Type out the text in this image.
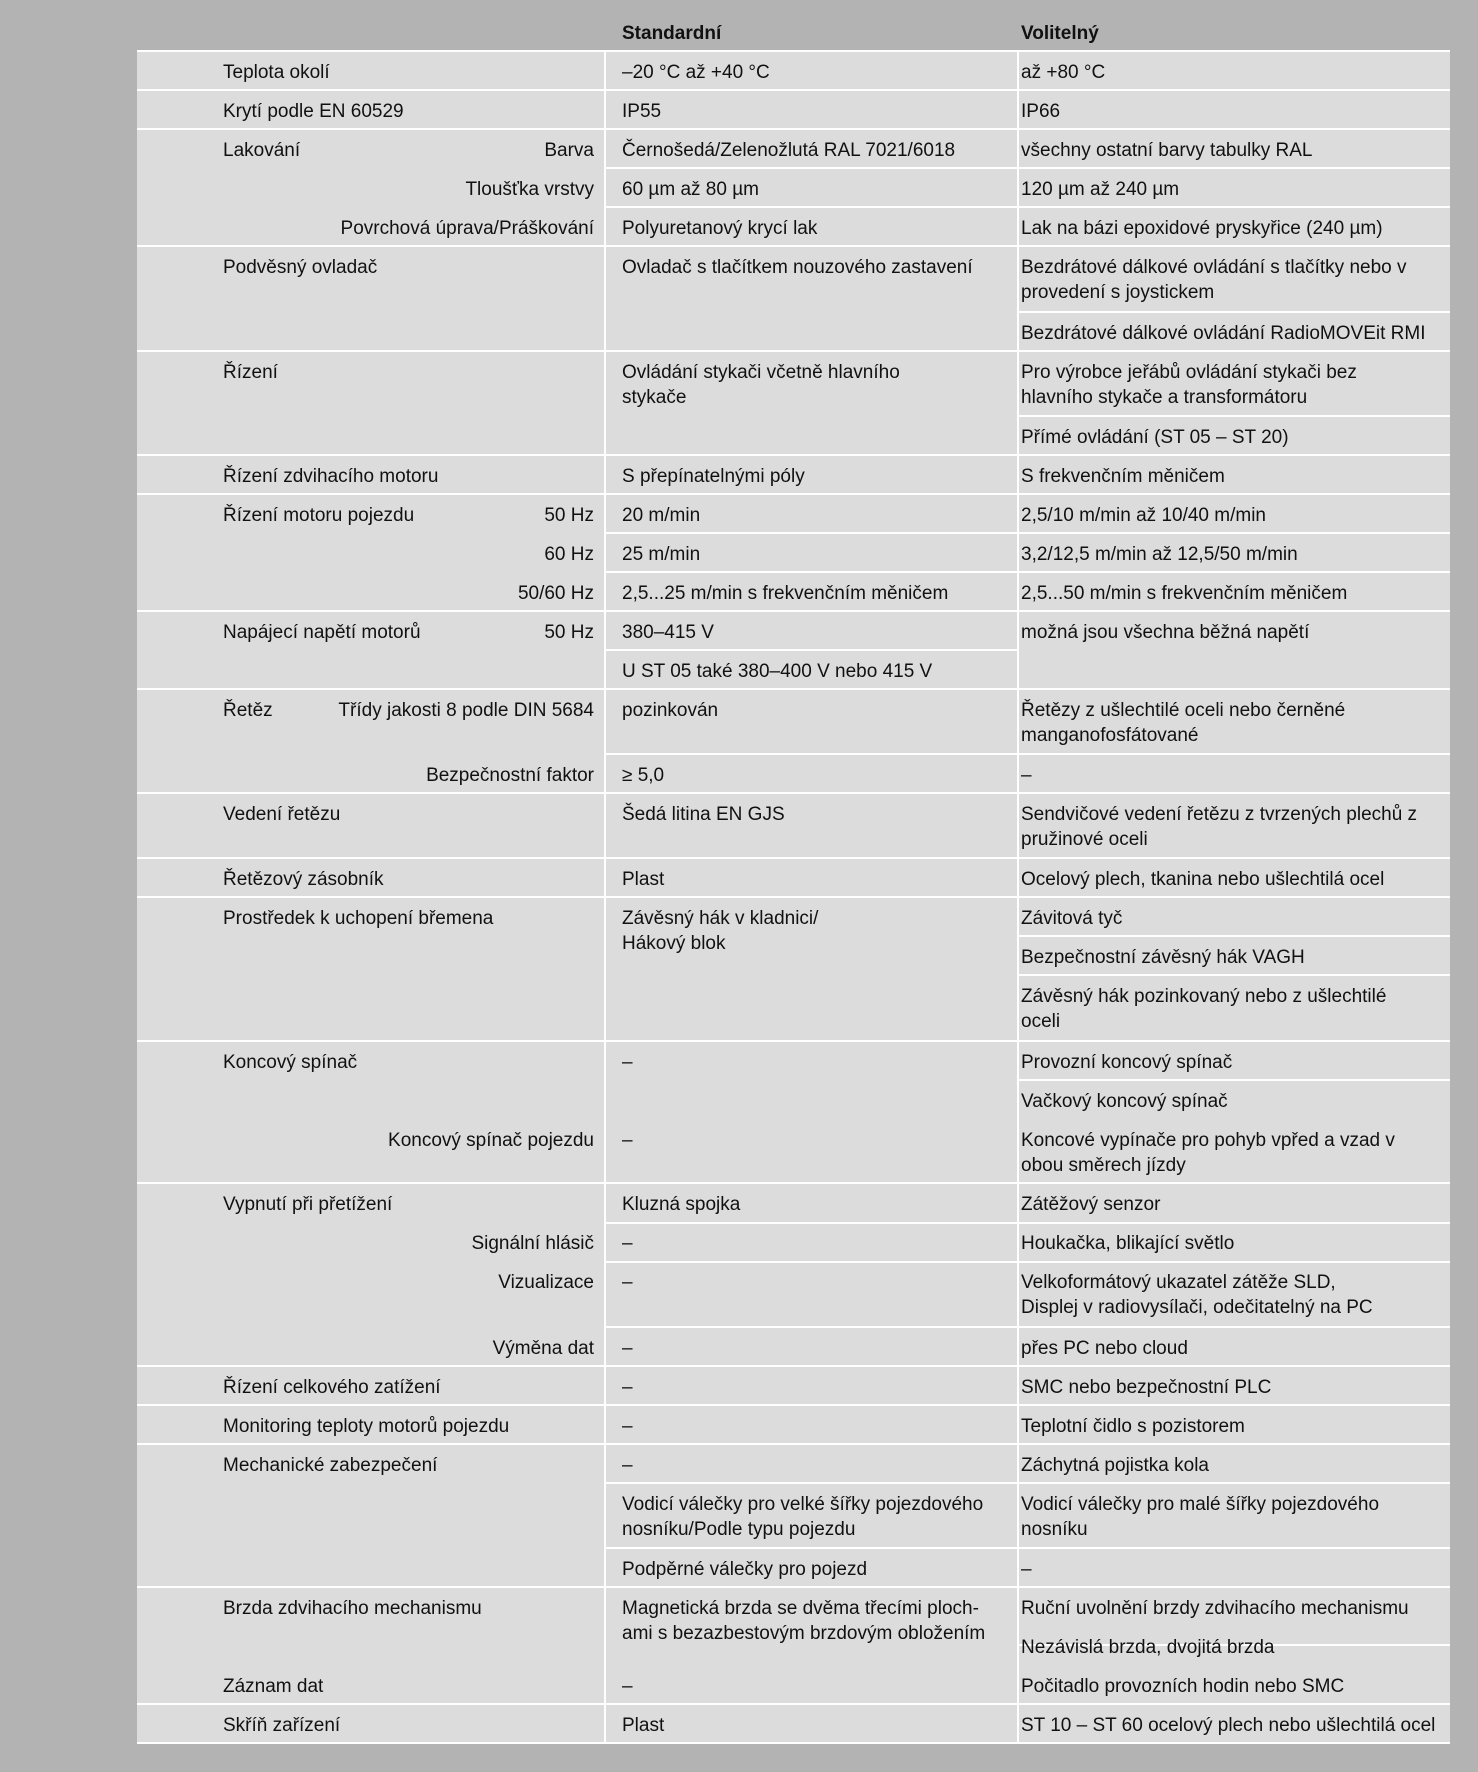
Standardní	Volitelný
Teplota okolí
Krytí podle EN 60529
Lakování
Podvěsný ovladač
Řízení
Řízení zdvihacího motoru
Řízení motoru pojezdu
Napájecí napětí motorů
Řetěz
Vedení řetězu
Řetězový zásobník
Prostředek k uchopení břemena
Koncový spínač
Vypnutí při přetížení
Řízení celkového zatížení
Monitoring teploty motorů pojezdu
Mechanické zabezpečení
Brzda zdvihacího mechanismu
Záznam dat
Skříň zařízení
Barva
Tloušťka vrstvy
Povrchová úprava/Práškování
50 Hz
60 Hz
50/60 Hz
50 Hz
Třídy jakosti 8 podle DIN 5684
Bezpečnostní faktor
Koncový spínač pojezdu
Signální hlásič
Vizualizace
Výměna dat
–20 °C až +40 °C
IP55
Černošedá/Zelenožlutá RAL 7021/6018
60 µm až 80 µm
Polyuretanový krycí lak
Ovladač s tlačítkem nouzového zastavení
Ovládání stykači včetně hlavního
stykače
S přepínatelnými póly
20 m/min
25 m/min
2,5...25 m/min s frekvenčním měničem
380–415 V
U ST 05 také 380–400 V nebo 415 V
pozinkován
≥ 5,0
Šedá litina EN GJS
Plast
Závěsný hák v kladnici/
Hákový blok
–
–
Kluzná spojka
–
–
–
–
–
–
Vodicí válečky pro velké šířky pojezdového
nosníku/Podle typu pojezdu
Podpěrné válečky pro pojezd
Magnetická brzda se dvěma třecími ploch-
ami s bezazbestovým brzdovým obložením
–
Plast
až +80 °C
IP66
všechny ostatní barvy tabulky RAL
120 µm až 240 µm
Lak na bázi epoxidové pryskyřice (240 µm)
Bezdrátové dálkové ovládání s tlačítky nebo v
provedení s joystickem
Bezdrátové dálkové ovládání RadioMOVEit RMI
Pro výrobce jeřábů ovládání stykači bez
hlavního stykače a transformátoru
Přímé ovládání (ST 05 – ST 20)
S frekvenčním měničem
2,5/10 m/min až 10/40 m/min
3,2/12,5 m/min až 12,5/50 m/min
2,5...50 m/min s frekvenčním měničem
možná jsou všechna běžná napětí
Řetězy z ušlechtilé oceli nebo černěné
manganofosfátované
–
Sendvičové vedení řetězu z tvrzených plechů z
pružinové oceli
Ocelový plech, tkanina nebo ušlechtilá ocel
Závitová tyč
Bezpečnostní závěsný hák VAGH
Závěsný hák pozinkovaný nebo z ušlechtilé
oceli
Provozní koncový spínač
Vačkový koncový spínač
Koncové vypínače pro pohyb vpřed a vzad v
obou směrech jízdy
Zátěžový senzor
Houkačka, blikající světlo
Velkoformátový ukazatel zátěže SLD,
Displej v radiovysílači, odečitatelný na PC
přes PC nebo cloud
SMC nebo bezpečnostní PLC
Teplotní čidlo s pozistorem
Záchytná pojistka kola
Vodicí válečky pro malé šířky pojezdového
nosníku
–
Ruční uvolnění brzdy zdvihacího mechanismu
Nezávislá brzda, dvojitá brzda
Počitadlo provozních hodin nebo SMC
ST 10 – ST 60 ocelový plech nebo ušlechtilá ocel
